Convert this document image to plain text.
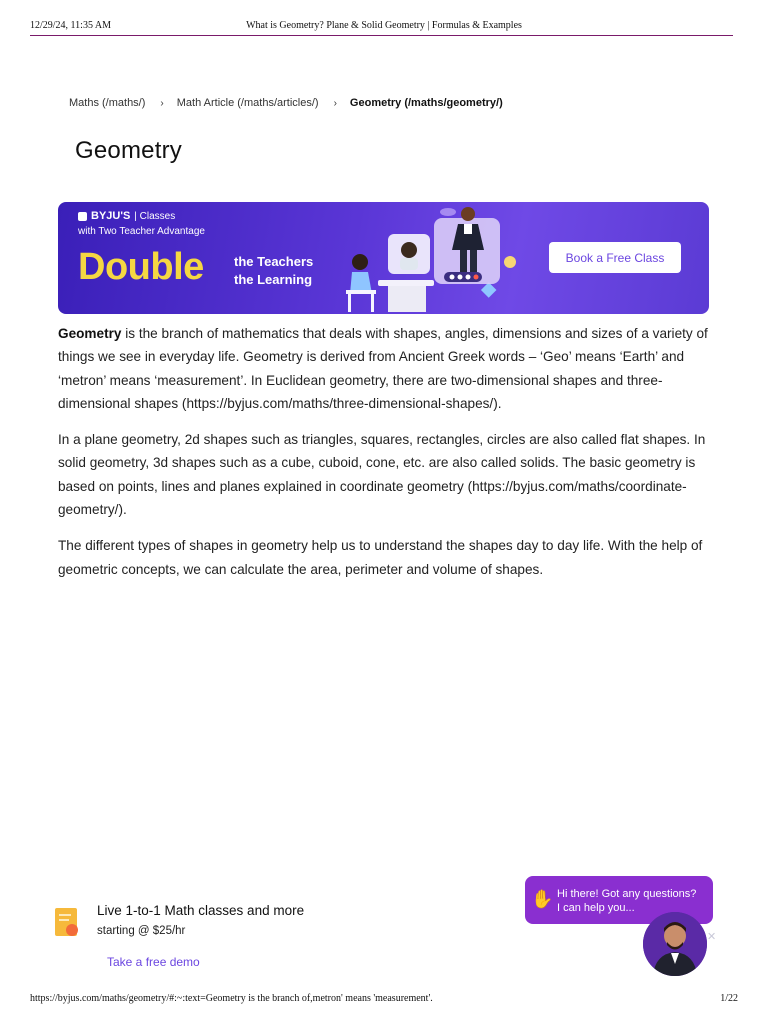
12/29/24, 11:35 AM	What is Geometry? Plane & Solid Geometry | Formulas & Examples
Maths (/maths/) › Math Article (/maths/articles/) › Geometry (/maths/geometry/)
Geometry
BYJU'S | Classes
with Two Teacher Advantage
Double the Teachers
the Learning
Book a Free Class

Geometry is the branch of mathematics that deals with shapes, angles, dimensions and sizes of a variety of things we see in everyday life. Geometry is derived from Ancient Greek words – ‘Geo’ means ‘Earth’ and ‘metron’ means ‘measurement’. In Euclidean geometry, there are two-dimensional shapes and three-dimensional shapes (https://byjus.com/maths/three-dimensional-shapes/).

In a plane geometry, 2d shapes such as triangles, squares, rectangles, circles are also called flat shapes. In solid geometry, 3d shapes such as a cube, cuboid, cone, etc. are also called solids. The basic geometry is based on points, lines and planes explained in coordinate geometry (https://byjus.com/maths/coordinate-geometry/).

The different types of shapes in geometry help us to understand the shapes day to day life. With the help of geometric concepts, we can calculate the area, perimeter and volume of shapes.

Live 1-to-1 Math classes and more
starting @ $25/hr
Take a free demo
✋ Hi there! Got any questions?
I can help you...
✕
https://byjus.com/maths/geometry/#:~:text=Geometry is the branch of,metron' means 'measurement'.	1/22
